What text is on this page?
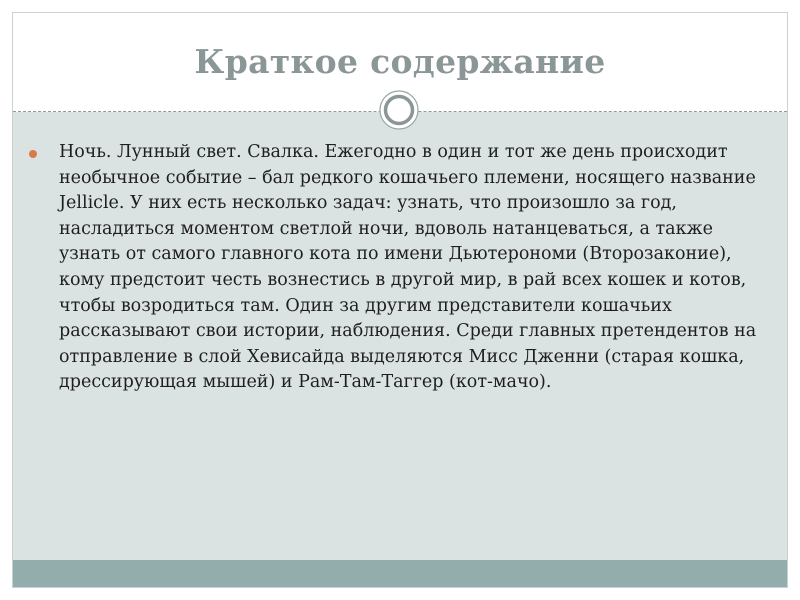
Краткое содержание

Ночь. Лунный свет. Свалка. Ежегодно в один и тот же день происходит необычное событие – бал редкого кошачьего племени, носящего название Jellicle. У них есть несколько задач: узнать, что произошло за год, насладиться моментом светлой ночи, вдоволь натанцеваться, а также узнать от самого главного кота по имени Дьютерономи (Второзаконие), кому предстоит честь вознестись в другой мир, в рай всех кошек и котов, чтобы возродиться там. Один за другим представители кошачьих рассказывают свои истории, наблюдения. Среди главных претендентов на отправление в слой Хевисайда выделяются Мисс Дженни (старая кошка, дрессирующая мышей) и Рам-Там-Таггер (кот-мачо).
